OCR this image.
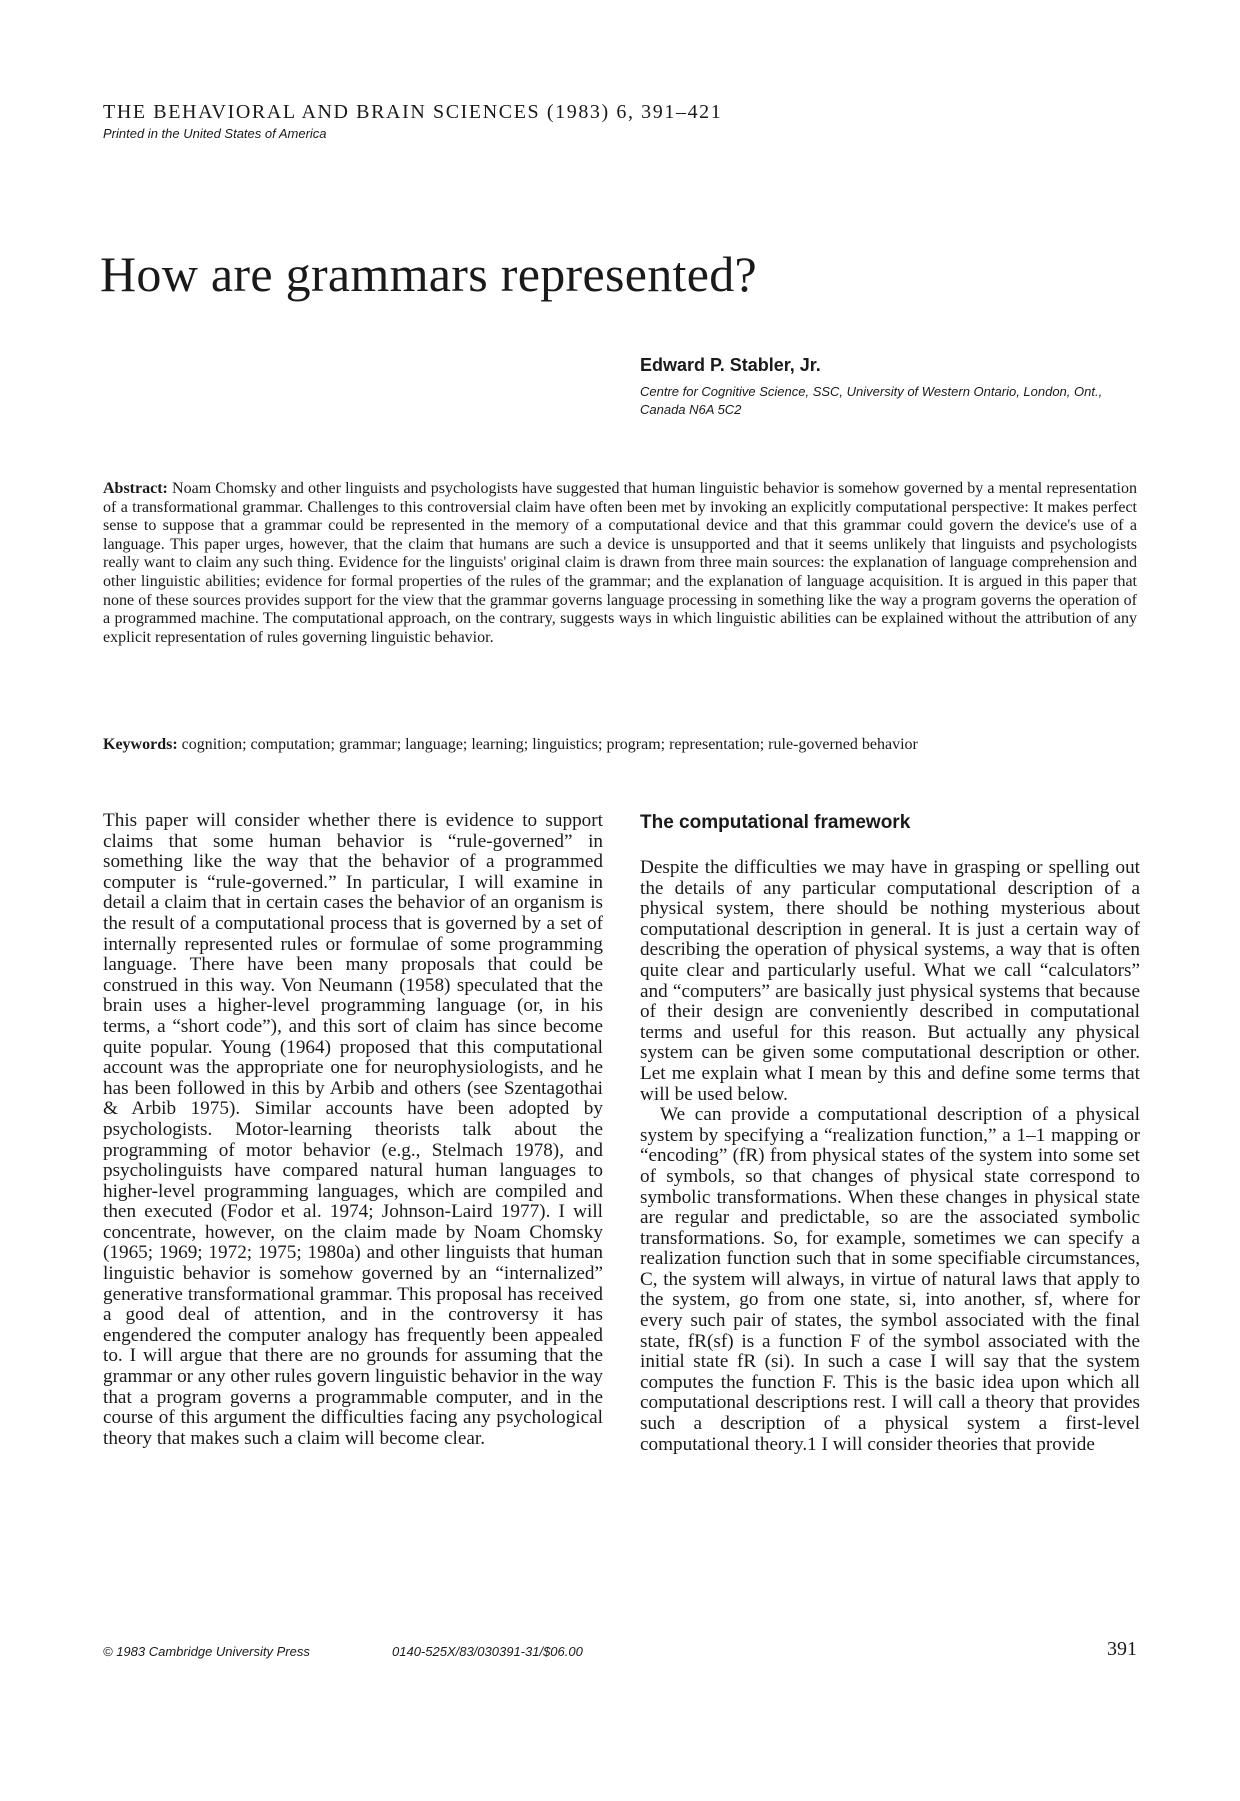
THE BEHAVIORAL AND BRAIN SCIENCES (1983) 6, 391–421
Printed in the United States of America
How are grammars represented?
Edward P. Stabler, Jr.
Centre for Cognitive Science, SSC, University of Western Ontario, London, Ont., Canada N6A 5C2

Abstract: Noam Chomsky and other linguists and psychologists have suggested that human linguistic behavior is somehow governed by a mental representation of a transformational grammar. Challenges to this controversial claim have often been met by invoking an explicitly computational perspective: It makes perfect sense to suppose that a grammar could be represented in the memory of a computational device and that this grammar could govern the device's use of a language. This paper urges, however, that the claim that humans are such a device is unsupported and that it seems unlikely that linguists and psychologists really want to claim any such thing. Evidence for the linguists' original claim is drawn from three main sources: the explanation of language comprehension and other linguistic abilities; evidence for formal properties of the rules of the grammar; and the explanation of language acquisition. It is argued in this paper that none of these sources provides support for the view that the grammar governs language processing in something like the way a program governs the operation of a programmed machine. The computational approach, on the contrary, suggests ways in which linguistic abilities can be explained without the attribution of any explicit representation of rules governing linguistic behavior.

Keywords: cognition; computation; grammar; language; learning; linguistics; program; representation; rule-governed behavior

This paper will consider whether there is evidence to support claims that some human behavior is “rule-governed” in something like the way that the behavior of a programmed computer is “rule-governed.” In particular, I will examine in detail a claim that in certain cases the behavior of an organism is the result of a computational process that is governed by a set of internally represented rules or formulae of some programming language. There have been many proposals that could be construed in this way. Von Neumann (1958) speculated that the brain uses a higher-level programming language (or, in his terms, a “short code”), and this sort of claim has since become quite popular. Young (1964) proposed that this computational account was the appropriate one for neurophysiologists, and he has been followed in this by Arbib and others (see Szentagothai & Arbib 1975). Similar accounts have been adopted by psychologists. Motor-learning theorists talk about the programming of motor behavior (e.g., Stelmach 1978), and psycholinguists have compared natural human languages to higher-level programming languages, which are compiled and then executed (Fodor et al. 1974; Johnson-Laird 1977). I will concentrate, however, on the claim made by Noam Chomsky (1965; 1969; 1972; 1975; 1980a) and other linguists that human linguistic behavior is somehow governed by an “internalized” generative transformational grammar. This proposal has received a good deal of attention, and in the controversy it has engendered the computer analogy has frequently been appealed to. I will argue that there are no grounds for assuming that the grammar or any other rules govern linguistic behavior in the way that a program governs a programmable computer, and in the course of this argument the difficulties facing any psychological theory that makes such a claim will become clear.

The computational framework

Despite the difficulties we may have in grasping or spelling out the details of any particular computational description of a physical system, there should be nothing mysterious about computational description in general. It is just a certain way of describing the operation of physical systems, a way that is often quite clear and particularly useful. What we call “calculators” and “computers” are basically just physical systems that because of their design are conveniently described in computational terms and useful for this reason. But actually any physical system can be given some computational description or other. Let me explain what I mean by this and define some terms that will be used below.

We can provide a computational description of a physical system by specifying a “realization function,” a 1–1 mapping or “encoding” (fR) from physical states of the system into some set of symbols, so that changes of physical state correspond to symbolic transformations. When these changes in physical state are regular and predictable, so are the associated symbolic transformations. So, for example, sometimes we can specify a realization function such that in some specifiable circumstances, C, the system will always, in virtue of natural laws that apply to the system, go from one state, si, into another, sf, where for every such pair of states, the symbol associated with the final state, fR(sf) is a function F of the symbol associated with the initial state fR (si). In such a case I will say that the system computes the function F. This is the basic idea upon which all computational descriptions rest. I will call a theory that provides such a description of a physical system a first-level computational theory.1 I will consider theories that provide

© 1983 Cambridge University Press	0140-525X/83/030391-31/$06.00	391
